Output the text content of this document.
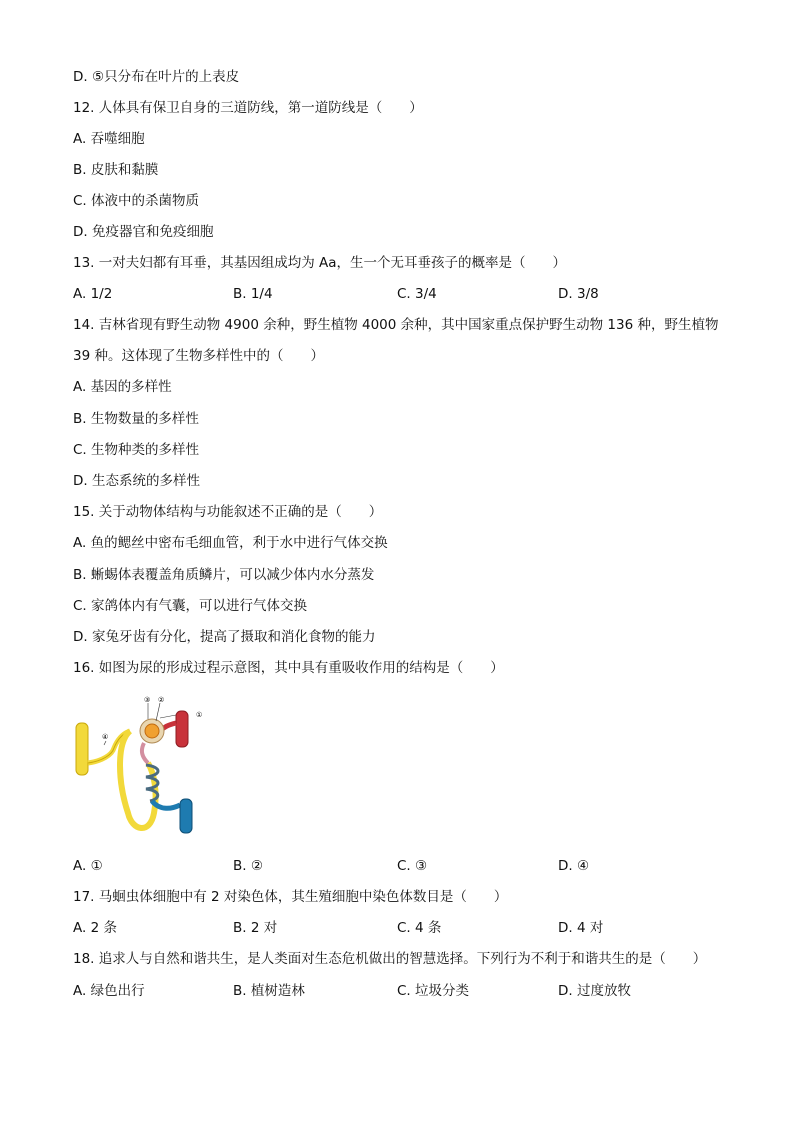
D. ⑤只分布在叶片的上表皮
12. 人体具有保卫自身的三道防线，第一道防线是（　　）
A. 吞噬细胞
B. 皮肤和黏膜
C. 体液中的杀菌物质
D. 免疫器官和免疫细胞
13. 一对夫妇都有耳垂，其基因组成均为 Aa，生一个无耳垂孩子的概率是（　　）
14. 吉林省现有野生动物 4900 余种，野生植物 4000 余种，其中国家重点保护野生动物 136 种，野生植物
39 种。这体现了生物多样性中的（　　）
A. 基因的多样性
B. 生物数量的多样性
C. 生物种类的多样性
D. 生态系统的多样性
15. 关于动物体结构与功能叙述不正确的是（　　）
A. 鱼的鳃丝中密布毛细血管，利于水中进行气体交换
B. 蜥蜴体表覆盖角质鳞片，可以减少体内水分蒸发
C. 家鸽体内有气囊，可以进行气体交换
D. 家兔牙齿有分化，提高了摄取和消化食物的能力
16. 如图为尿的形成过程示意图，其中具有重吸收作用的结构是（　　）
17. 马蛔虫体细胞中有 2 对染色体，其生殖细胞中染色体数目是（　　）
18. 追求人与自然和谐共生，是人类面对生态危机做出的智慧选择。下列行为不利于和谐共生的是（　　）
A. 1/2	B. 1/4	C. 3/4	D. 3/8
A. ①	B. ②	C. ③	D. ④
A. 2 条	B. 2 对	C. 4 条	D. 4 对
A. 绿色出行	B. 植树造林	C. 垃圾分类	D. 过度放牧
①
③ ②
④
